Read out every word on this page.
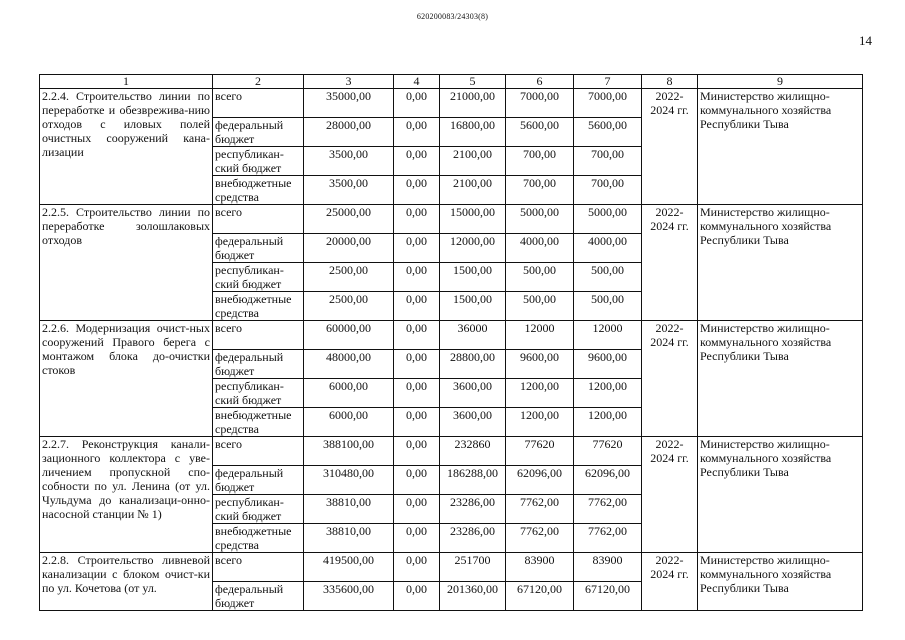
620200083/24303(8)
14
1	2	3	4	5	6	7	8	9
2.2.4. Строительство линии по переработке и обезврежива-нию отходов с иловых полей очистных сооружений кана-лизации	всего	35000,00	0,00	21000,00	7000,00	7000,00	2022-2024 гг.	Министерство жилищно-коммунального хозяйства Республики Тыва
	федеральный бюджет	28000,00	0,00	16800,00	5600,00	5600,00		
	республикан-ский бюджет	3500,00	0,00	2100,00	700,00	700,00		
	внебюджетные средства	3500,00	0,00	2100,00	700,00	700,00		
2.2.5. Строительство линии по переработке золошлаковых отходов	всего	25000,00	0,00	15000,00	5000,00	5000,00	2022-2024 гг.	Министерство жилищно-коммунального хозяйства Республики Тыва
	федеральный бюджет	20000,00	0,00	12000,00	4000,00	4000,00		
	республикан-ский бюджет	2500,00	0,00	1500,00	500,00	500,00		
	внебюджетные средства	2500,00	0,00	1500,00	500,00	500,00		
2.2.6. Модернизация очист-ных сооружений Правого берега с монтажом блока до-очистки стоков	всего	60000,00	0,00	36000	12000	12000	2022-2024 гг.	Министерство жилищно-коммунального хозяйства Республики Тыва
	федеральный бюджет	48000,00	0,00	28800,00	9600,00	9600,00		
	республикан-ский бюджет	6000,00	0,00	3600,00	1200,00	1200,00		
	внебюджетные средства	6000,00	0,00	3600,00	1200,00	1200,00		
2.2.7. Реконструкция канали-зационного коллектора с уве-личением пропускной спо-собности по ул. Ленина (от ул. Чульдума до канализаци-онно-насосной станции № 1)	всего	388100,00	0,00	232860	77620	77620	2022-2024 гг.	Министерство жилищно-коммунального хозяйства Республики Тыва
	федеральный бюджет	310480,00	0,00	186288,00	62096,00	62096,00		
	республикан-ский бюджет	38810,00	0,00	23286,00	7762,00	7762,00		
	внебюджетные средства	38810,00	0,00	23286,00	7762,00	7762,00		
2.2.8. Строительство ливневой канализации с блоком очист-ки по ул. Кочетова (от ул.	всего	419500,00	0,00	251700	83900	83900	2022-2024 гг.	Министерство жилищно-коммунального хозяйства Республики Тыва
	федеральный бюджет	335600,00	0,00	201360,00	67120,00	67120,00		
